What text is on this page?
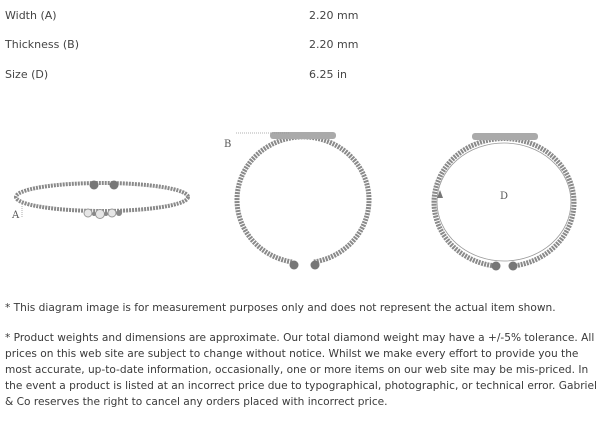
Width (A)	2.20 mm
Thickness (B)	2.20 mm
Size (D)	6.25 in
A
B
D
* This diagram image is for measurement purposes only and does not represent the actual item shown.
* Product weights and dimensions are approximate. Our total diamond weight may have a +/-5% tolerance. All prices on this web site are subject to change without notice. Whilst we make every effort to provide you the most accurate, up-to-date information, occasionally, one or more items on our web site may be mis-priced. In the event a product is listed at an incorrect price due to typographical, photographic, or technical error. Gabriel & Co reserves the right to cancel any orders placed with incorrect price.
